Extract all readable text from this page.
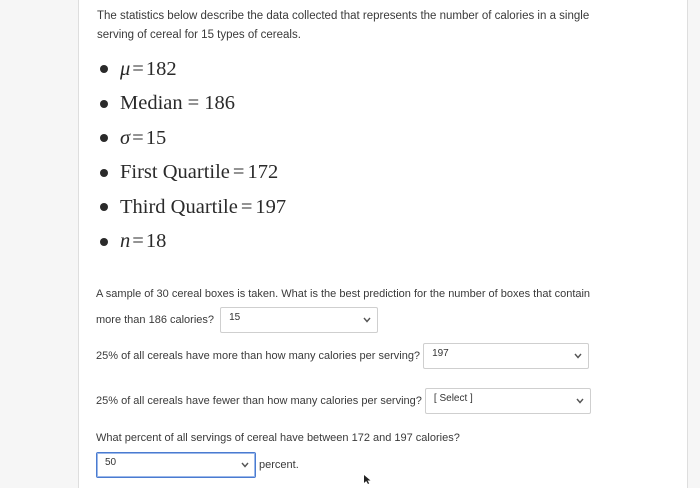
The statistics below describe the data collected that represents the number of calories in a single serving of cereal for 15 types of cereals.
μ = 182
Median = 186
σ = 15
First Quartile = 172
Third Quartile = 197
n = 18
A sample of 30 cereal boxes is taken. What is the best prediction for the number of boxes that contain more than 186 calories? 15
25% of all cereals have more than how many calories per serving? 197
25% of all cereals have fewer than how many calories per serving? [ Select ]
What percent of all servings of cereal have between 172 and 197 calories?
50	percent.
